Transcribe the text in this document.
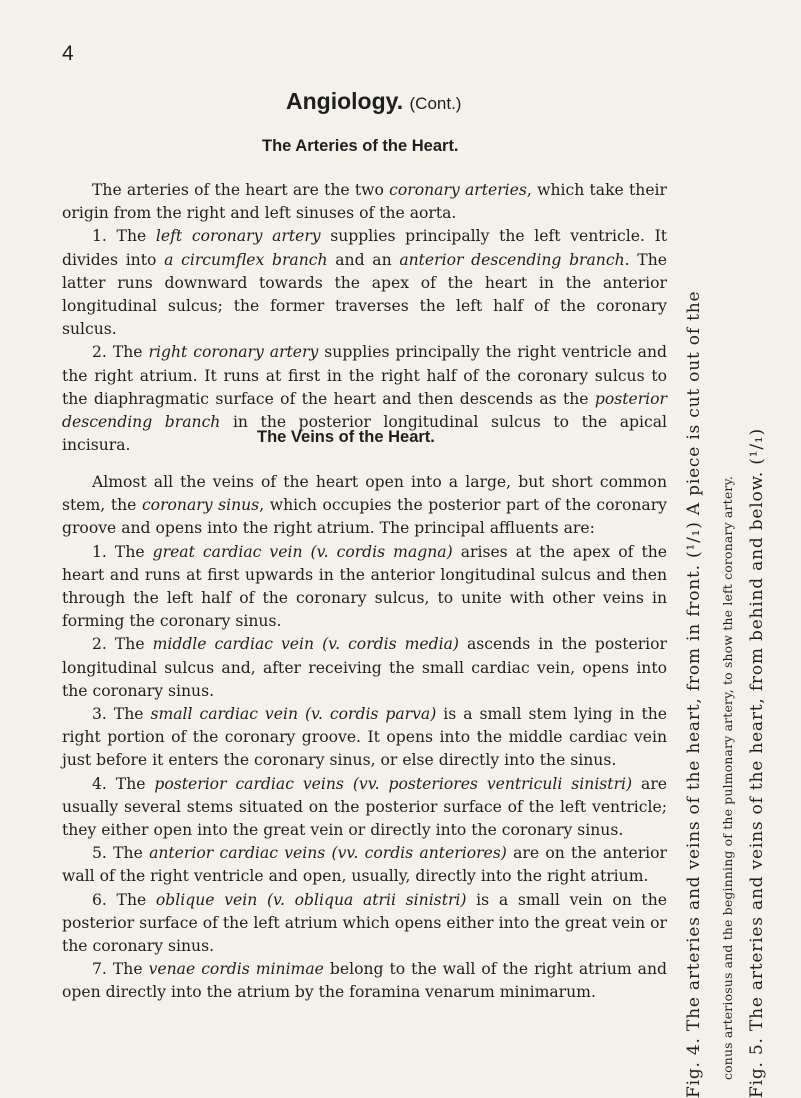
4
Angiology. (Cont.)
The Arteries of the Heart.

The arteries of the heart are the two coronary arteries, which take their origin from the right and left sinuses of the aorta.

1. The left coronary artery supplies principally the left ventricle. It divides into a circumflex branch and an anterior descending branch. The latter runs downward towards the apex of the heart in the anterior longitudinal sulcus; the former traverses the left half of the coronary sulcus.

2. The right coronary artery supplies principally the right ventricle and the right atrium. It runs at first in the right half of the coronary sulcus to the diaphragmatic surface of the heart and then descends as the posterior descending branch in the posterior longitudinal sulcus to the apical incisura.	The Veins of the Heart.

Almost all the veins of the heart open into a large, but short common stem, the coronary sinus, which occupies the posterior part of the coronary groove and opens into the right atrium. The principal affluents are:

1. The great cardiac vein (v. cordis magna) arises at the apex of the heart and runs at first upwards in the anterior longitudinal sulcus and then through the left half of the coronary sulcus, to unite with other veins in forming the coronary sinus.

2. The middle cardiac vein (v. cordis media) ascends in the posterior longitudinal sulcus and, after receiving the small cardiac vein, opens into the coronary sinus.

3. The small cardiac vein (v. cordis parva) is a small stem lying in the right portion of the coronary groove. It opens into the middle cardiac vein just before it enters the coronary sinus, or else directly into the sinus.

4. The posterior cardiac veins (vv. posteriores ventriculi sinistri) are usually several stems situated on the posterior surface of the left ventricle; they either open into the great vein or directly into the coronary sinus.

5. The anterior cardiac veins (vv. cordis anteriores) are on the anterior wall of the right ventricle and open, usually, directly into the right atrium.

6. The oblique vein (v. obliqua atrii sinistri) is a small vein on the posterior surface of the left atrium which opens either into the great vein or the coronary sinus.

7. The venae cordis minimae belong to the wall of the right atrium and open directly into the atrium by the foramina venarum minimarum.	Fig. 4. The arteries and veins of the heart, from in front. (¹/₁) A piece is cut out of the conus arteriosus and the beginning of the pulmonary artery, to show the left coronary artery. Fig. 5. The arteries and veins of the heart, from behind and below. (¹/₁)
